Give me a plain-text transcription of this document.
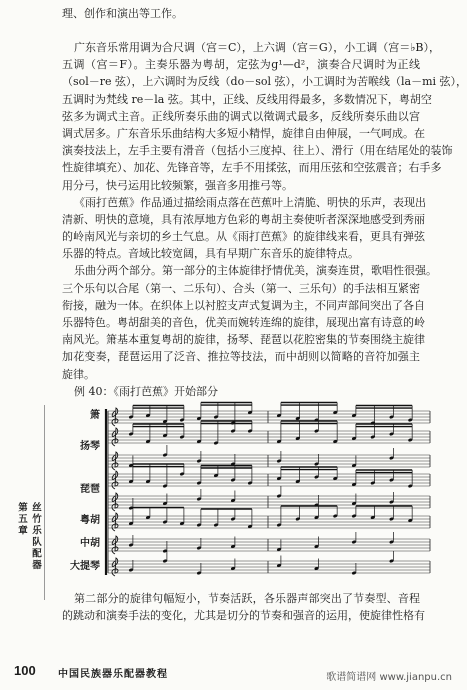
理、创作和演出等工作。
广东音乐常用调为合尺调（宫＝C），上六调（宫＝G），小工调（宫＝♭B），
五调（宫＝F）。主奏乐器为粤胡，定弦为g¹—d²，演奏合尺调时为正线
（sol－re 弦），上六调时为反线（do－sol 弦），小工调时为苦喉线（la－mi 弦），
五调时为梵线 re－la 弦。其中，正线、反线用得最多，多数情况下，粤胡空
弦多为调式主音。正线所奏乐曲的调式以徵调式最多，反线所奏乐曲以宫
调式居多。广东音乐乐曲结构大多短小精悍，旋律自由伸展，一气呵成。在
演奏技法上，左手主要有滑音（包括小三度掉、往上）、滑行（用在结尾处的装饰
性旋律填充）、加花、先锋音等，左手不用揉弦，而用压弦和空弦震音；右手多
用分弓，快弓运用比较频繁，强音多用推弓等。
《雨打芭蕉》作品通过描绘雨点落在芭蕉叶上清脆、明快的乐声，表现出
清新、明快的意境，具有浓厚地方色彩的粤胡主奏使听者深深地感受到秀丽
的岭南风光与亲切的乡土气息。从《雨打芭蕉》的旋律线来看，更具有弹弦
乐器的特点。音域比较宽阔，具有早期广东音乐的旋律特点。
乐曲分两个部分。第一部分的主体旋律抒情优美，演奏连贯，歌唱性很强。
三个乐句以合尾（第一、二乐句）、合头（第一、三乐句）的手法相互紧密
衔接，融为一体。在织体上以衬腔支声式复调为主，不同声部间突出了各自
乐器特色。粤胡甜美的音色，优美而婉转连绵的旋律，展现出富有诗意的岭
南风光。箫基本重复粤胡的旋律，扬琴、琵琶以花腔密集的节奏围绕主旋律
加花变奏，琵琶运用了泛音、推拉等技法，而中胡则以简略的音符加强主
旋律。
例 40：《雨打芭蕉》开始部分
箫
扬琴
琵琶
粤胡
中胡
大提琴
第二部分的旋律句幅短小，节奏活跃，各乐器声部突出了节奏型、音程
的跳动和演奏手法的变化，尤其是切分的节奏和强音的运用，使旋律性格有
第五章 丝竹乐队配器
100 中国民族器乐配器教程	歌谱简谱网 www.jianpu.cn
